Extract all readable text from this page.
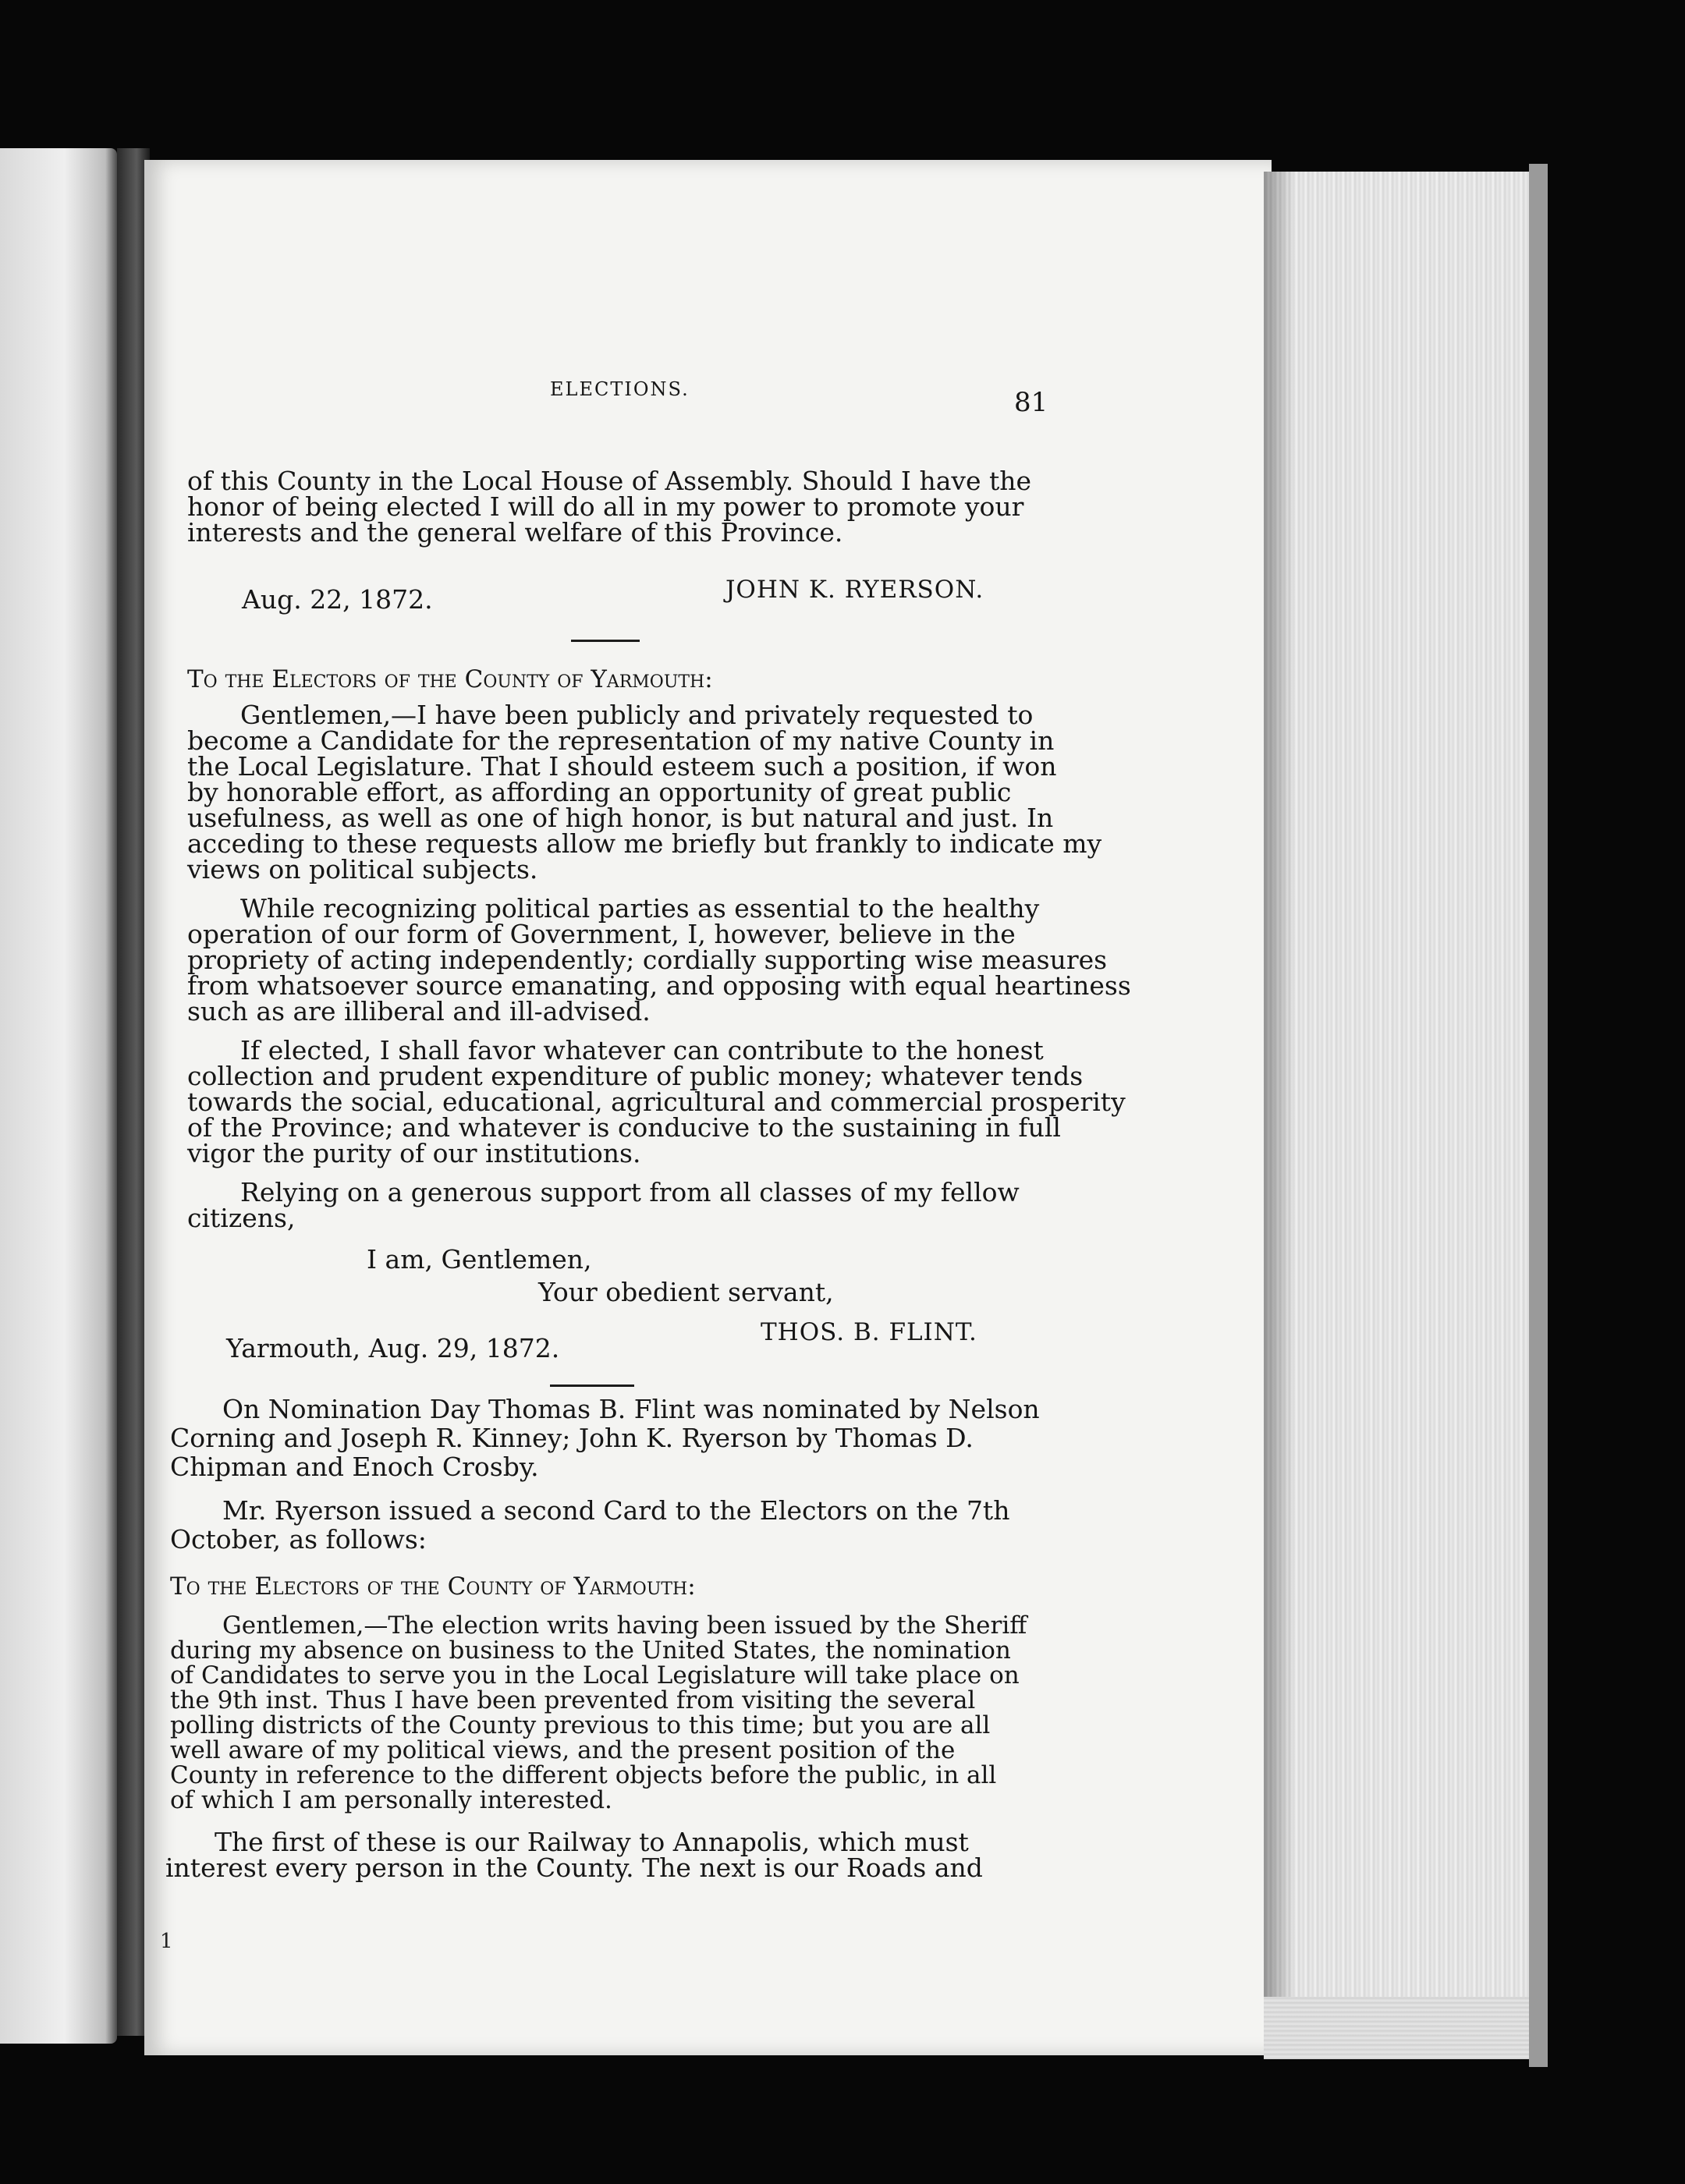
ELECTIONS.	81

of this County in the Local House of Assembly. Should I have the

honor of being elected I will do all in my power to promote your

interests and the general welfare of this Province.

JOHN K. RYERSON.

Aug. 22, 1872.

To the Electors of the County of Yarmouth:

Gentlemen,—I have been publicly and privately requested to

become a Candidate for the representation of my native County in

the Local Legislature. That I should esteem such a position, if won

by honorable effort, as affording an opportunity of great public

usefulness, as well as one of high honor, is but natural and just. In

acceding to these requests allow me briefly but frankly to indicate my

views on political subjects.

While recognizing political parties as essential to the healthy

operation of our form of Government, I, however, believe in the

propriety of acting independently; cordially supporting wise measures

from whatsoever source emanating, and opposing with equal heartiness

such as are illiberal and ill-advised.

If elected, I shall favor whatever can contribute to the honest

collection and prudent expenditure of public money; whatever tends

towards the social, educational, agricultural and commercial prosperity

of the Province; and whatever is conducive to the sustaining in full

vigor the purity of our institutions.

Relying on a generous support from all classes of my fellow

citizens,

I am, Gentlemen,

Your obedient servant,

THOS. B. FLINT.

Yarmouth, Aug. 29, 1872.

On Nomination Day Thomas B. Flint was nominated by Nelson

Corning and Joseph R. Kinney; John K. Ryerson by Thomas D.

Chipman and Enoch Crosby.

Mr. Ryerson issued a second Card to the Electors on the 7th

October, as follows:

To the Electors of the County of Yarmouth:

Gentlemen,—The election writs having been issued by the Sheriff

during my absence on business to the United States, the nomination

of Candidates to serve you in the Local Legislature will take place on

the 9th inst. Thus I have been prevented from visiting the several

polling districts of the County previous to this time; but you are all

well aware of my political views, and the present position of the

County in reference to the different objects before the public, in all

of which I am personally interested.

The first of these is our Railway to Annapolis, which must

interest every person in the County. The next is our Roads and

1
